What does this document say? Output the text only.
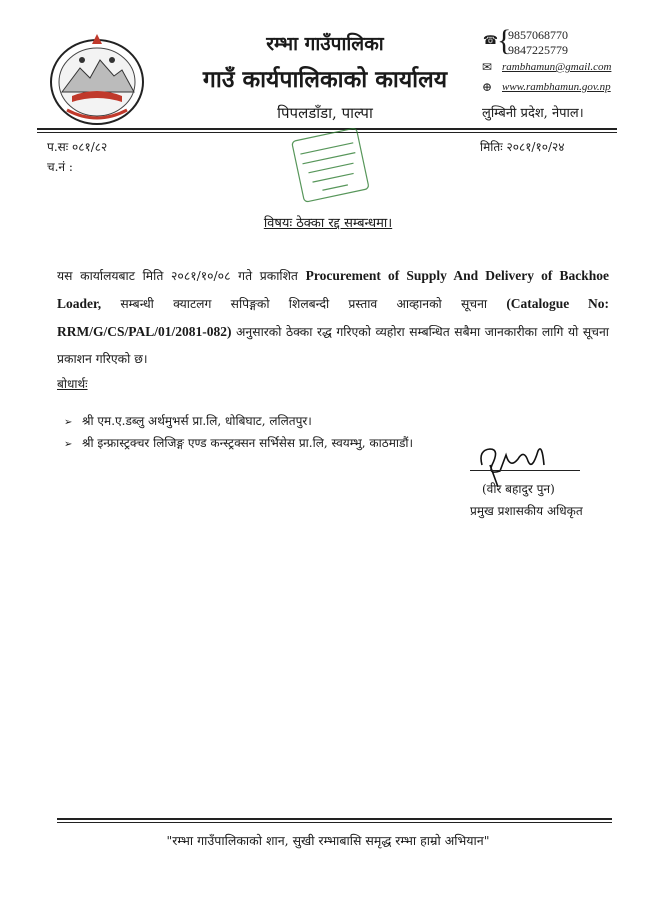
रम्भा गाउँपालिका
गाउँ कार्यपालिकाको कार्यालय
पिपलडाँडा, पाल्पा
☎ {
9857068770
9847225779
✉ rambhamun@gmail.com
⊕ www.rambhamun.gov.np
लुम्बिनी प्रदेश, नेपाल।
प.सः ०८१/८२
च.नं :
मितिः २०८१/१०/२४
विषयः ठेक्का रद्द सम्बन्धमा।
यस कार्यालयबाट मिति २०८१/१०/०८ गते प्रकाशित Procurement of Supply And Delivery of Backhoe Loader, सम्बन्धी क्याटलग सपिङ्गको शिलबन्दी प्रस्ताव आव्हानको सूचना (Catalogue No: RRM/G/CS/PAL/01/2081-082) अनुसारको ठेक्का रद्ध गरिएको व्यहोरा सम्बन्धित सबैमा जानकारीका लागि यो सूचना प्रकाशन गरिएको छ।
बोधार्थः
➢ श्री एम.ए.डब्लु अर्थमुभर्स प्रा.लि, धोबिघाट, ललितपुर।
➢ श्री इन्फ्रास्ट्रक्चर लिजिङ्ग एण्ड कन्स्ट्रक्सन सर्भिसेस प्रा.लि, स्वयम्भु, काठमाडौं।
(वीर बहादुर पुन)
प्रमुख प्रशासकीय अधिकृत
"रम्भा गाउँपालिकाको शान, सुखी रम्भाबासि समृद्ध रम्भा हाम्रो अभियान"
